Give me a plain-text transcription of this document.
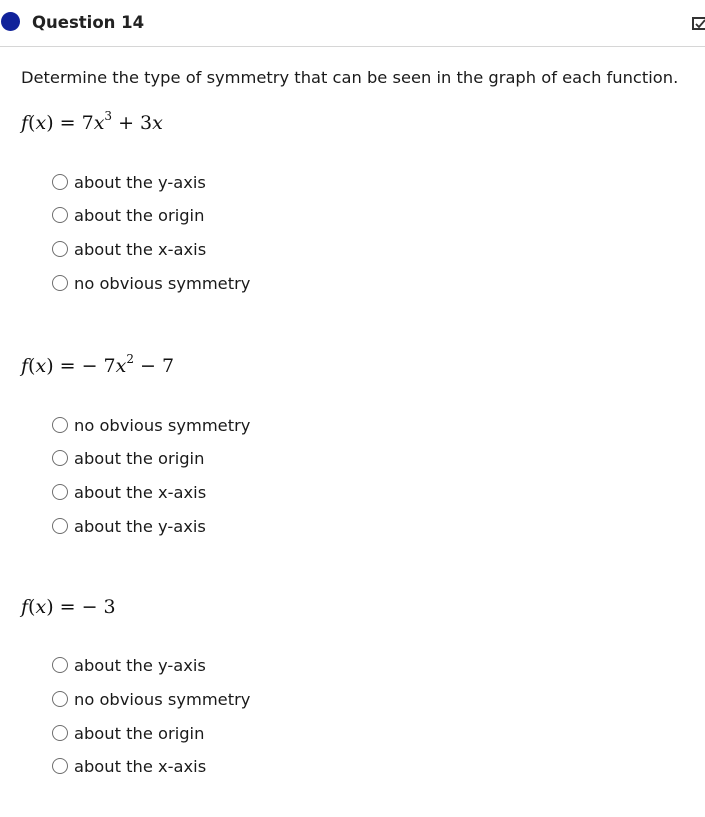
Question 14
Determine the type of symmetry that can be seen in the graph of each function.
$f(x) = 7x^3 + 3x$
about the y-axis
about the origin
about the x-axis
no obvious symmetry
f(x) = − $7x^2 - 7$
no obvious symmetry
about the origin
about the x-axis
about the y-axis
f(x) = − 3
about the y-axis
no obvious symmetry
about the origin
about the x-axis
